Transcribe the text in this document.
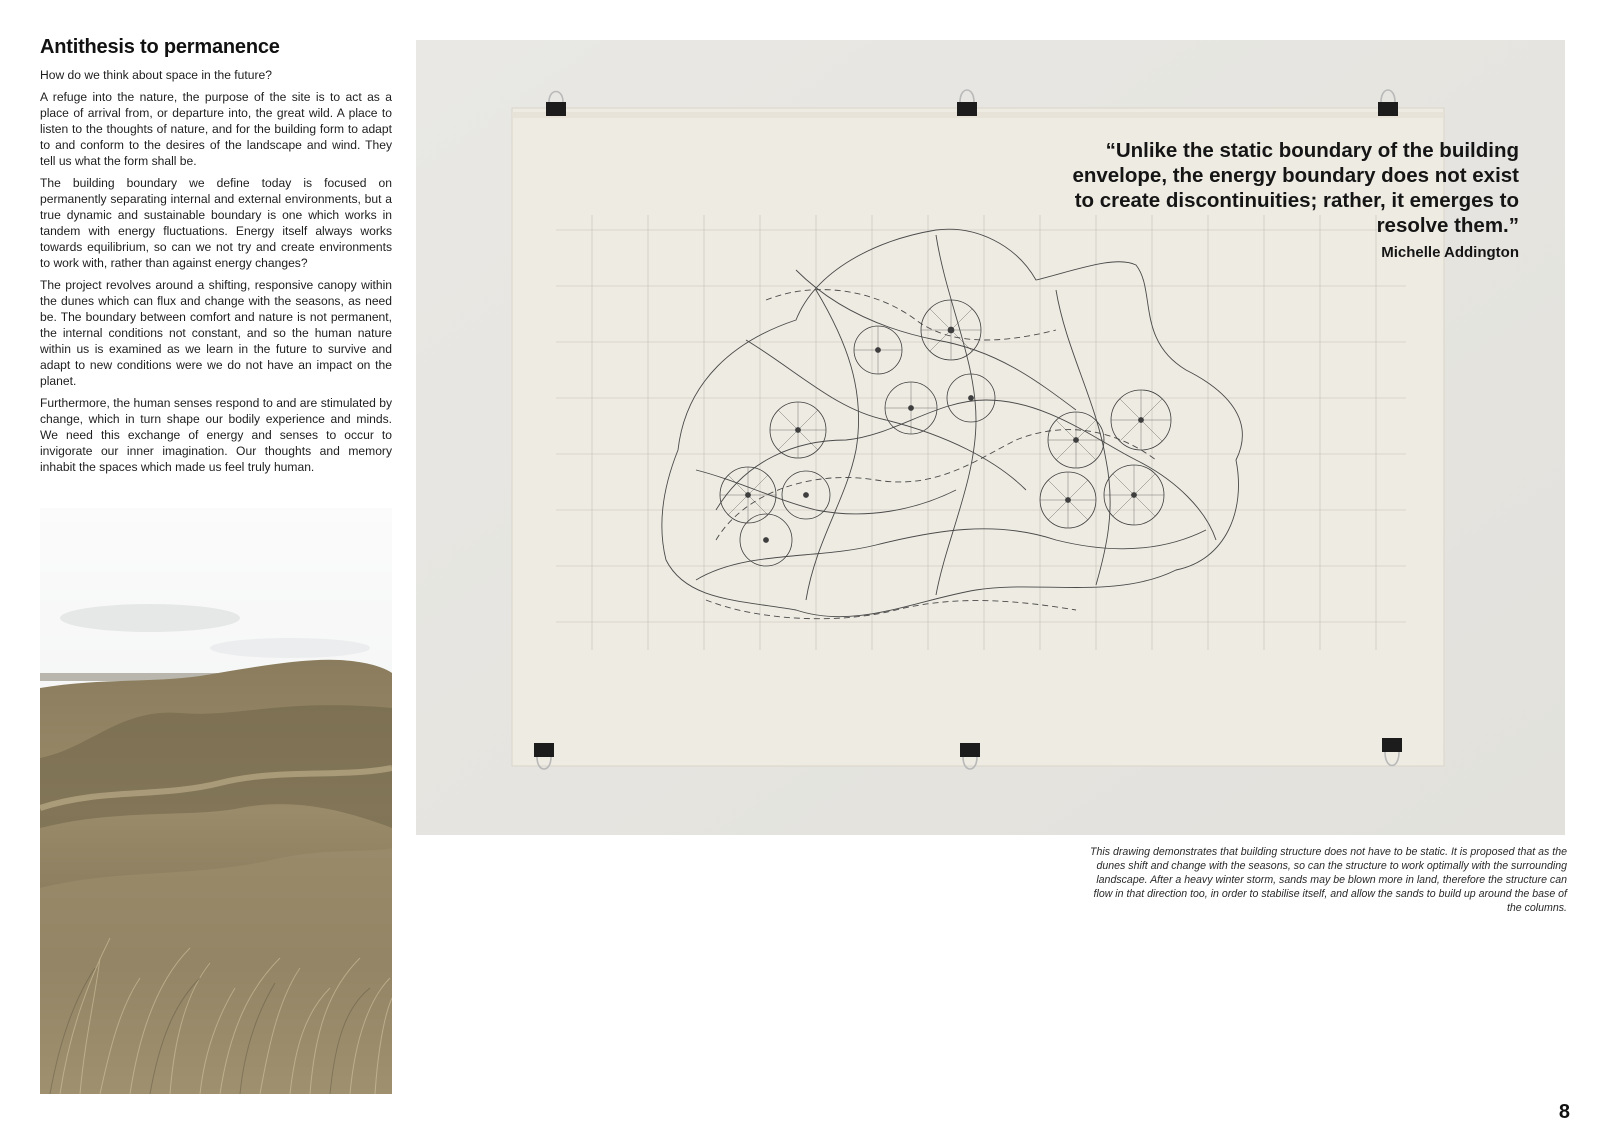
Antithesis to permanence

How do we think about space in the future?

A refuge into the nature, the purpose of the site is to act as a place of arrival from, or departure into, the great wild. A place to listen to the thoughts of nature, and for the building form to adapt to and conform to the desires of the landscape and wind. They tell us what the form shall be.

The building boundary we define today is focused on permanently separating internal and external environments, but a true dynamic and sustainable boundary is one which works in tandem with energy fluctuations. Energy itself always works towards equilibrium, so can we not try and create environments to work with, rather than against energy changes?

The project revolves around a shifting, responsive canopy within the dunes which can flux and change with the seasons, as need be. The boundary between comfort and nature is not permanent, the internal conditions not constant, and so the human nature within us is examined as we learn in the future to survive and adapt to new conditions were we do not have an impact on the planet.

Furthermore, the human senses respond to and are stimulated by change, which in turn shape our bodily experience and minds. We need this exchange of energy and senses to occur to invigorate our inner imagination. Our thoughts and memory inhabit the spaces which made us feel truly human.

“Unlike the static boundary of the building envelope, the energy boundary does not exist to create discontinuities; rather, it emerges to resolve them.”
Michelle Addington
This drawing demonstrates that building structure does not have to be static. It is proposed that as the dunes shift and change with the seasons, so can the structure to work optimally with the surrounding landscape. After a heavy winter storm, sands may be blown more in land, therefore the structure can flow in that direction too, in order to stabilise itself, and allow the sands to build up around the base of the columns.
8
